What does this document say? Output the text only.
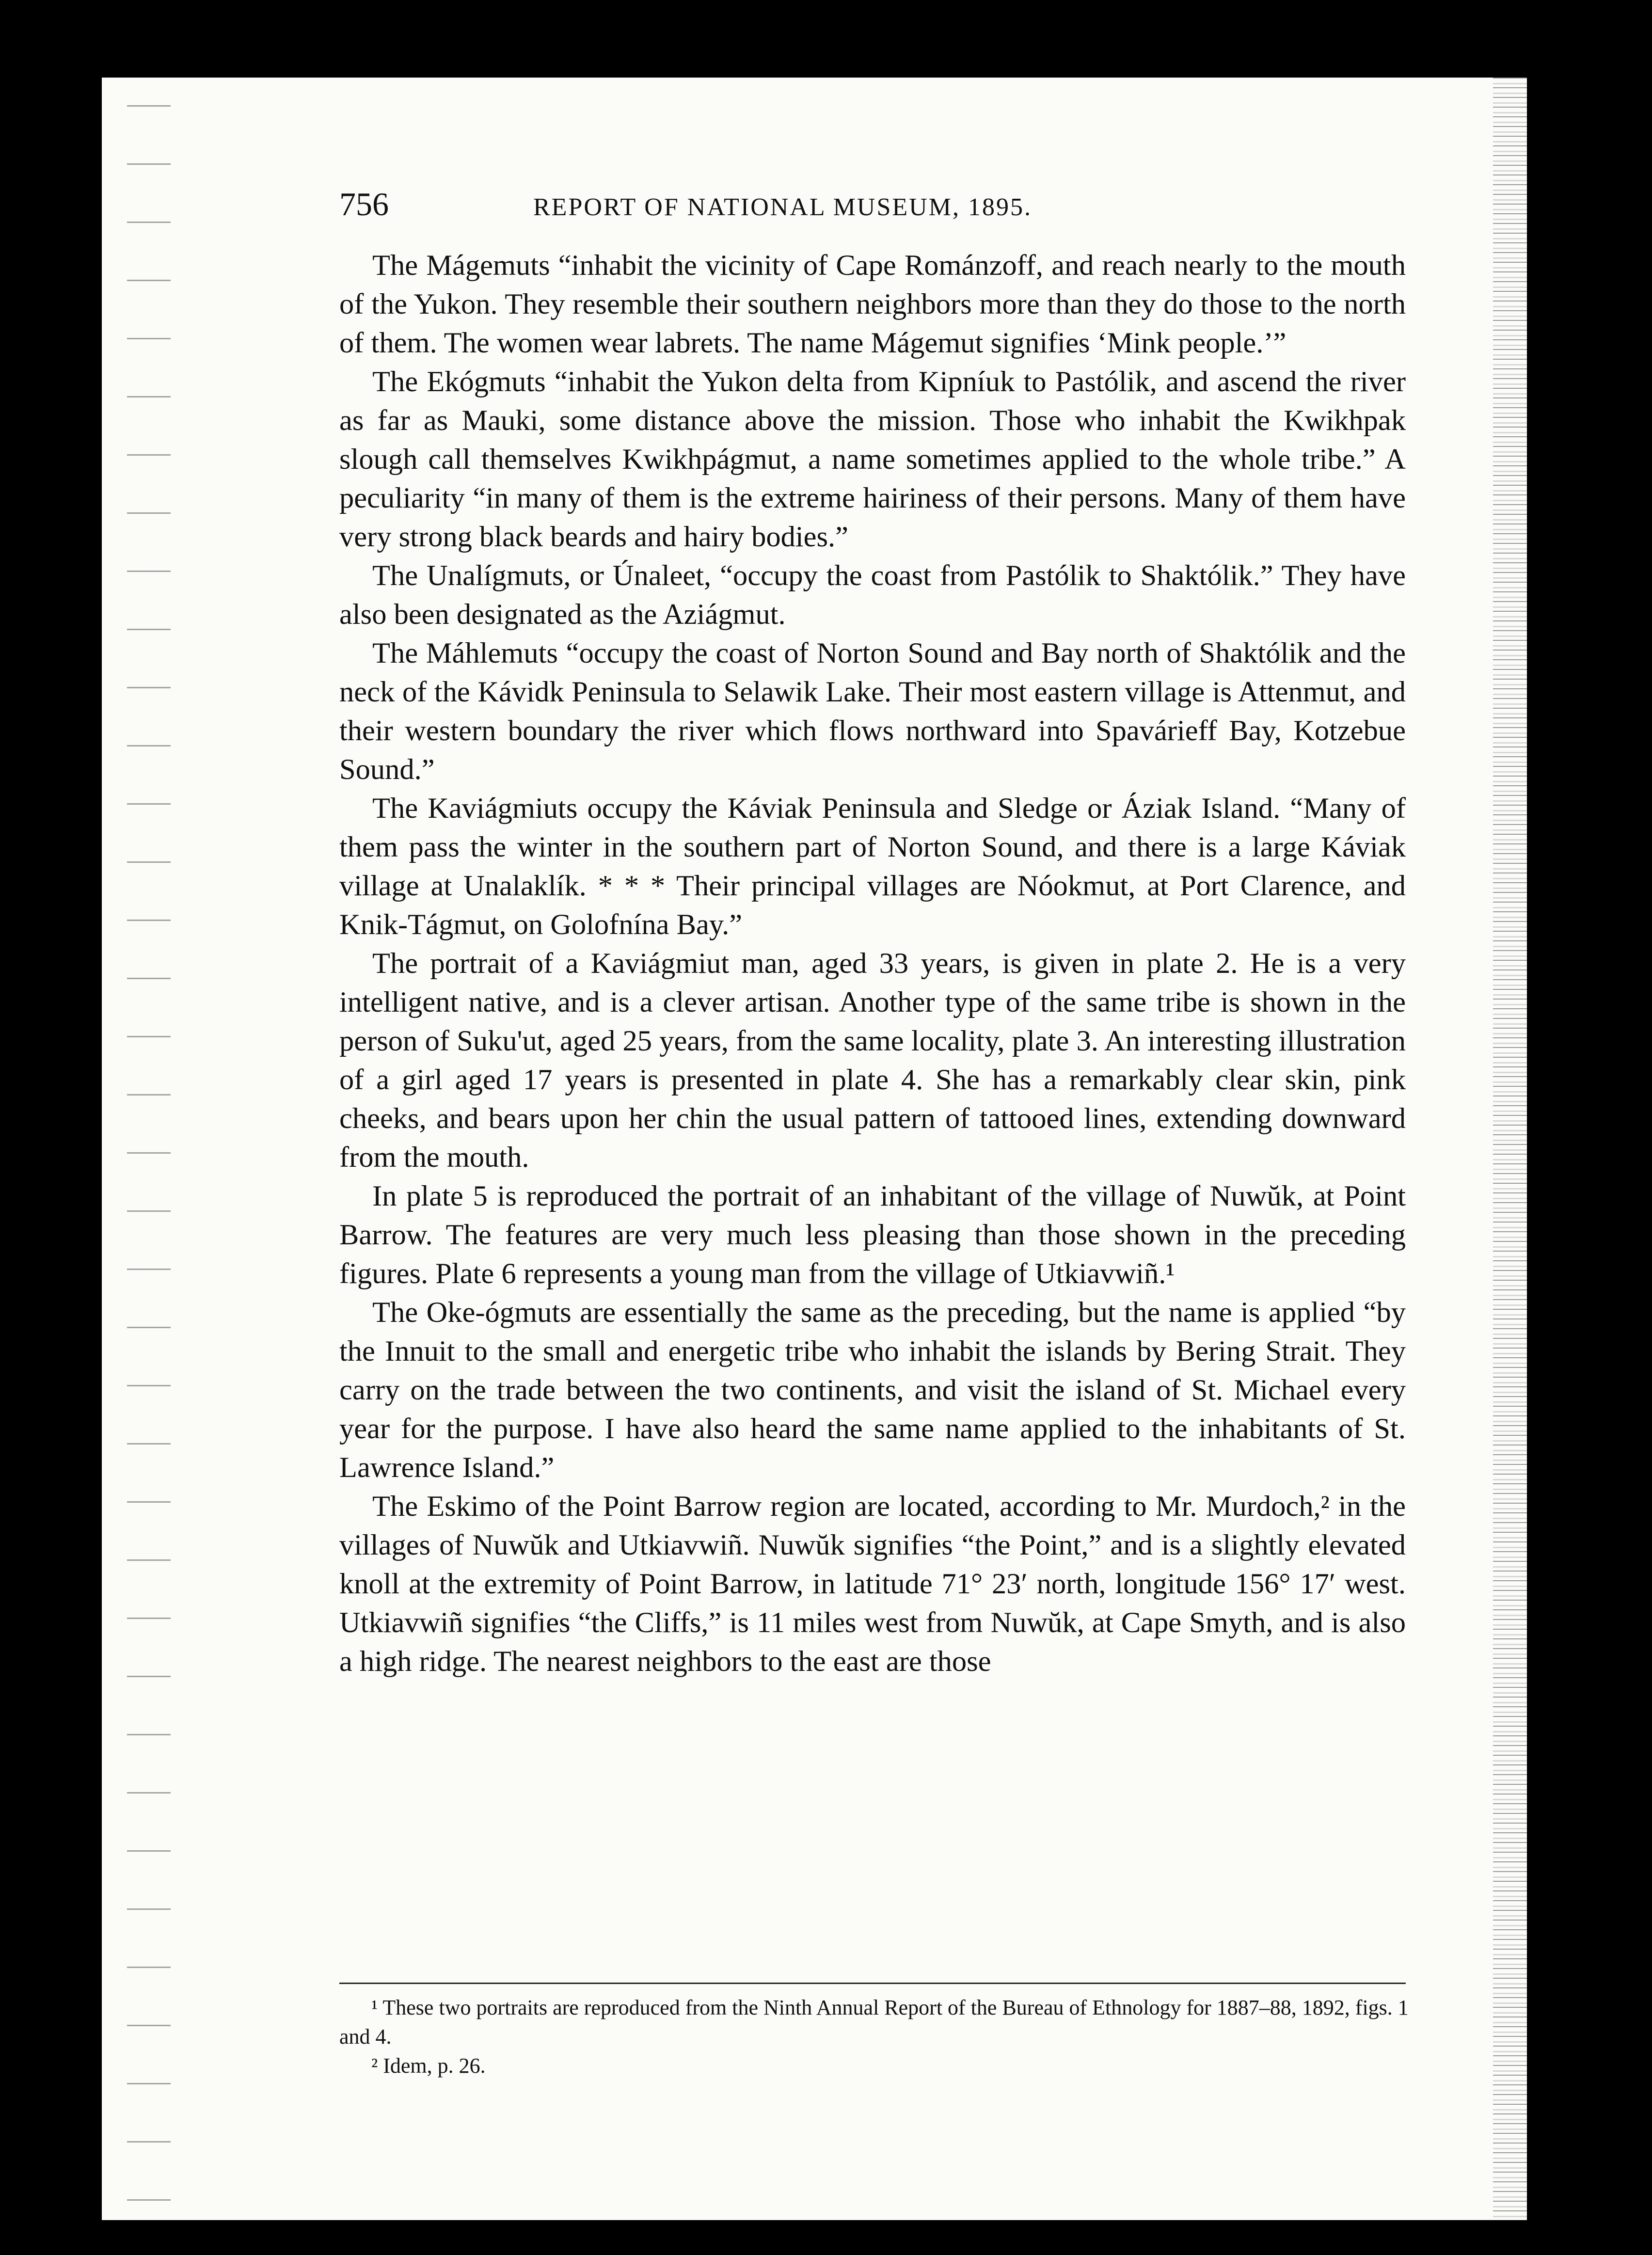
756	REPORT OF NATIONAL MUSEUM, 1895.

The Mágemuts “inhabit the vicinity of Cape Románzoff, and reach nearly to the mouth of the Yukon. They resemble their southern neighbors more than they do those to the north of them. The women wear labrets. The name Mágemut signifies ‘Mink people.’”

The Ekógmuts “inhabit the Yukon delta from Kipníuk to Pastólik, and ascend the river as far as Mauki, some distance above the mission. Those who inhabit the Kwikhpak slough call themselves Kwikhpágmut, a name sometimes applied to the whole tribe.” A peculiarity “in many of them is the extreme hairiness of their persons. Many of them have very strong black beards and hairy bodies.”

The Unalígmuts, or Únaleet, “occupy the coast from Pastólik to Shaktólik.” They have also been designated as the Aziágmut.

The Máhlemuts “occupy the coast of Norton Sound and Bay north of Shaktólik and the neck of the Kávidk Peninsula to Selawik Lake. Their most eastern village is Attenmut, and their western boundary the river which flows northward into Spavárieff Bay, Kotzebue Sound.”

The Kaviágmiuts occupy the Káviak Peninsula and Sledge or Áziak Island. “Many of them pass the winter in the southern part of Norton Sound, and there is a large Káviak village at Unalaklík. * * * Their principal villages are Nóokmut, at Port Clarence, and Knik-Tágmut, on Golofnína Bay.”

The portrait of a Kaviágmiut man, aged 33 years, is given in plate 2. He is a very intelligent native, and is a clever artisan. Another type of the same tribe is shown in the person of Suku'ut, aged 25 years, from the same locality, plate 3. An interesting illustration of a girl aged 17 years is presented in plate 4. She has a remarkably clear skin, pink cheeks, and bears upon her chin the usual pattern of tattooed lines, extending downward from the mouth.

In plate 5 is reproduced the portrait of an inhabitant of the village of Nuwŭk, at Point Barrow. The features are very much less pleasing than those shown in the preceding figures. Plate 6 represents a young man from the village of Utkiavwiñ.¹

The Oke-ógmuts are essentially the same as the preceding, but the name is applied “by the Innuit to the small and energetic tribe who inhabit the islands by Bering Strait. They carry on the trade between the two continents, and visit the island of St. Michael every year for the purpose. I have also heard the same name applied to the inhabitants of St. Lawrence Island.”

The Eskimo of the Point Barrow region are located, according to Mr. Murdoch,² in the villages of Nuwŭk and Utkiavwiñ. Nuwŭk signifies “the Point,” and is a slightly elevated knoll at the extremity of Point Barrow, in latitude 71° 23′ north, longitude 156° 17′ west. Utkiavwiñ signifies “the Cliffs,” is 11 miles west from Nuwŭk, at Cape Smyth, and is also a high ridge. The nearest neighbors to the east are those

¹ These two portraits are reproduced from the Ninth Annual Report of the Bureau of Ethnology for 1887–88, 1892, figs. 1 and 4.

² Idem, p. 26.
